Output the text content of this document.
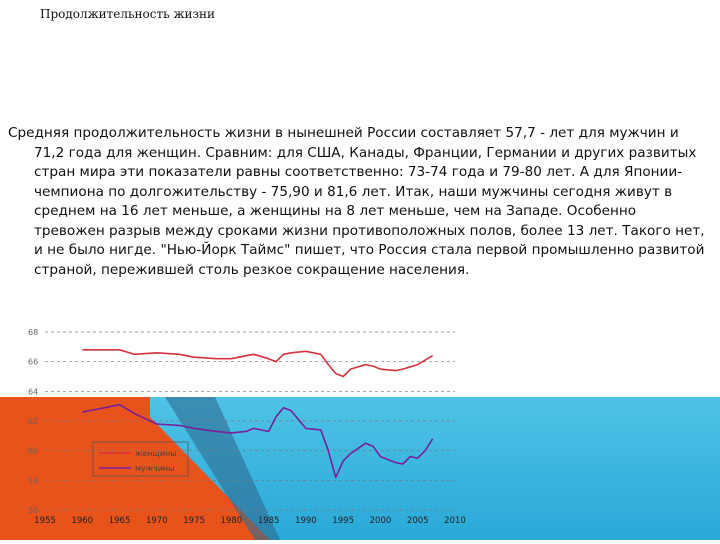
Продолжительность жизни
Средняя продолжительность жизни в нынешней России составляет 57,7 - лет для мужчин и 71,2 года для женщин. Сравним: для США, Канады, Франции, Германии и других развитых стран мира эти показатели равны соответственно: 73-74 года и 79-80 лет. А для Японии-чемпиона по долгожительству - 75,90 и 81,6 лет. Итак, наши мужчины сегодня живут в среднем на 16 лет меньше, а женщины на 8 лет меньше, чем на Западе. Особенно тревожен разрыв между сроками жизни противоположных полов, более 13 лет. Такого нет, и не было нигде. "Нью-Йорк Таймс" пишет, что Россия стала первой промышленно развитой страной, пережившей столь резкое сокращение населения.
56
58
60
62
64
66
68
1955 1960 1965 1970 1975 1980 1985 1990 1995 2000 2005 2010
женщины
мужчины
